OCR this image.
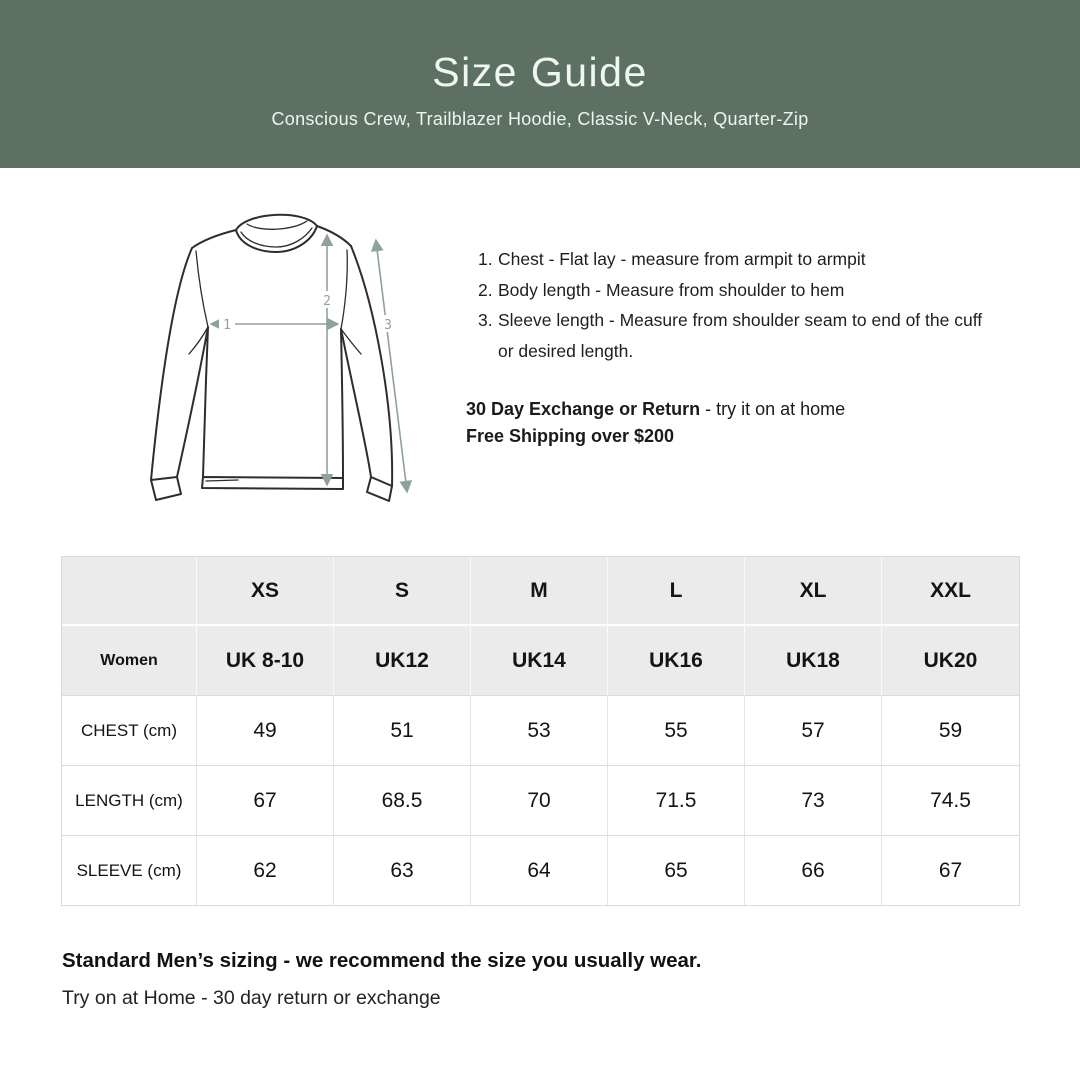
Size Guide
Conscious Crew, Trailblazer Hoodie, Classic V-Neck, Quarter-Zip
1
2
3
1. Chest - Flat lay - measure from armpit to armpit
2. Body length - Measure from shoulder to hem
3. Sleeve length - Measure from shoulder seam to end of the cuff or desired length.
30 Day Exchange or Return - try it on at home
Free Shipping over $200
	XS	S	M	L	XL	XXL
Women	UK 8-10	UK12	UK14	UK16	UK18	UK20
CHEST (cm)	49	51	53	55	57	59
LENGTH (cm)	67	68.5	70	71.5	73	74.5
SLEEVE (cm)	62	63	64	65	66	67
Standard Men’s sizing - we recommend the size you usually wear.
Try on at Home - 30 day return or exchange
